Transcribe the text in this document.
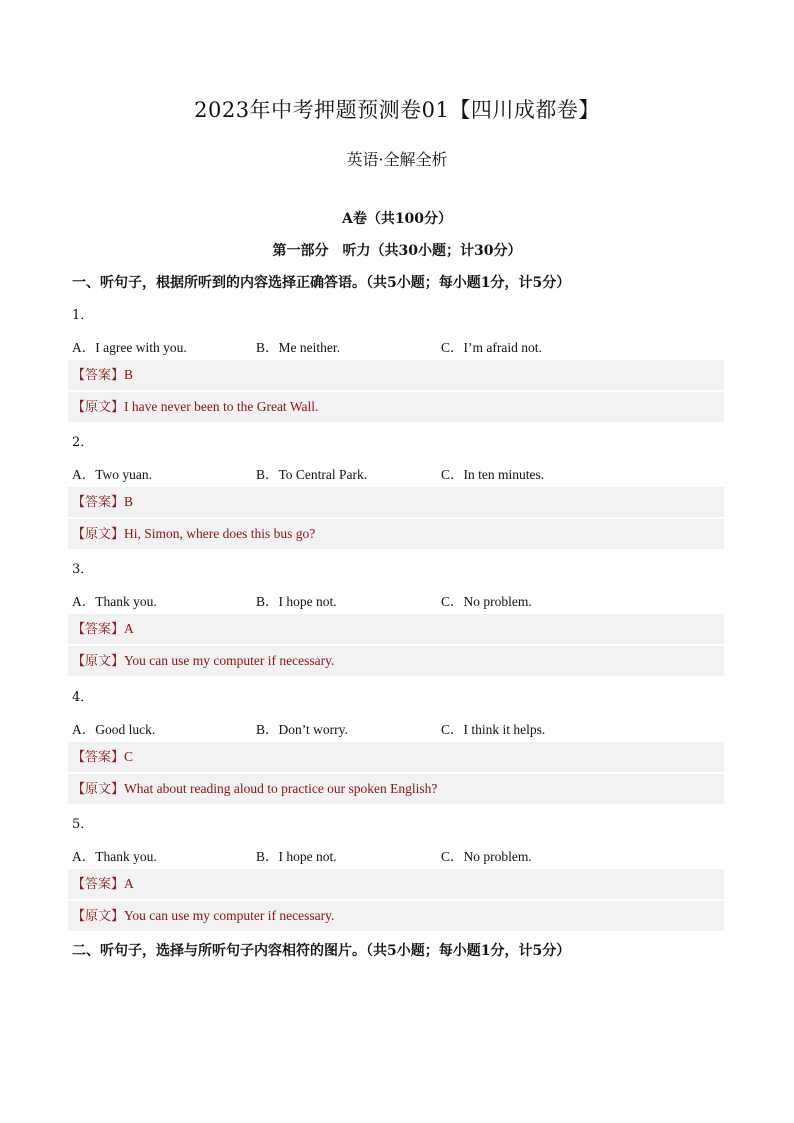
2023年中考押题预测卷01【四川成都卷】
英语·全解全析
A卷（共100分）
第一部分　听力（共30小题；计30分）
一、听句子，根据所听到的内容选择正确答语。（共5小题；每小题1分，计5分）
1．
A．I agree with you.	B．Me neither.	C．I’m afraid not.
【答案】B
【原文】I have never been to the Great Wall.
2．
A．Two yuan.	B．To Central Park.	C．In ten minutes.
【答案】B
【原文】Hi, Simon, where does this bus go?
3．
A．Thank you.	B．I hope not.	C．No problem.
【答案】A
【原文】You can use my computer if necessary.
4．
A．Good luck.	B．Don’t worry.	C．I think it helps.
【答案】C
【原文】What about reading aloud to practice our spoken English?
5．
A．Thank you.	B．I hope not.	C．No problem.
【答案】A
【原文】You can use my computer if necessary.
二、听句子，选择与所听句子内容相符的图片。（共5小题；每小题1分，计5分）
